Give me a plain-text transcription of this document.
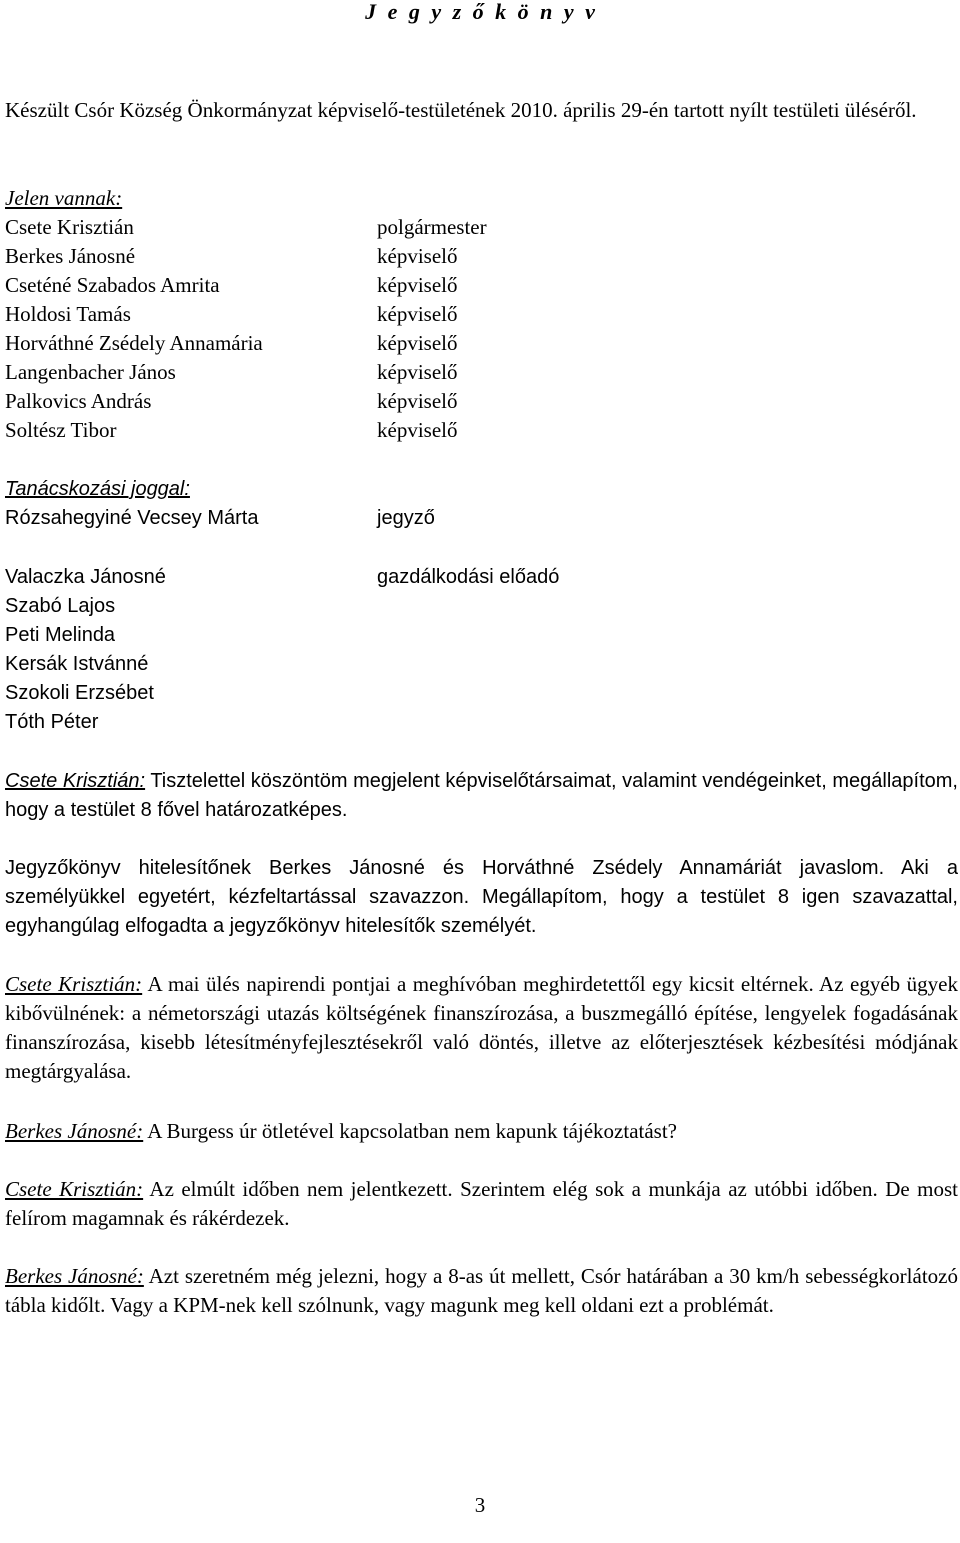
J e g y z ő k ö n y v

Készült Csór Község Önkormányzat képviselő-testületének 2010. április 29-én tartott nyílt testületi üléséről.

Jelen vannak:
Csete Krisztián	polgármester
Berkes Jánosné	képviselő
Cseténé Szabados Amrita	képviselő
Holdosi Tamás	képviselő
Horváthné Zsédely Annamária	képviselő
Langenbacher János	képviselő
Palkovics András	képviselő
Soltész Tibor	képviselő
Tanácskozási joggal:
Rózsahegyiné Vecsey Márta	jegyző
Valaczka Jánosné	gazdálkodási előadó
Szabó Lajos
Peti Melinda
Kersák Istvánné
Szokoli Erzsébet
Tóth Péter

Csete Krisztián: Tisztelettel köszöntöm megjelent képviselőtársaimat, valamint vendégeinket, megállapítom, hogy a testület 8 fővel határozatképes.

Jegyzőkönyv hitelesítőnek Berkes Jánosné és Horváthné Zsédely Annamáriát javaslom. Aki a személyükkel egyetért, kézfeltartással szavazzon. Megállapítom, hogy a testület 8 igen szavazattal, egyhangúlag elfogadta a jegyzőkönyv hitelesítők személyét.

Csete Krisztián: A mai ülés napirendi pontjai a meghívóban meghirdetettől egy kicsit eltérnek. Az egyéb ügyek kibővülnének: a németországi utazás költségének finanszírozása, a buszmegálló építése, lengyelek fogadásának finanszírozása, kisebb létesítményfejlesztésekről való döntés, illetve az előterjesztések kézbesítési módjának megtárgyalása.

Berkes Jánosné: A Burgess úr ötletével kapcsolatban nem kapunk tájékoztatást?

Csete Krisztián: Az elmúlt időben nem jelentkezett. Szerintem elég sok a munkája az utóbbi időben. De most felírom magamnak és rákérdezek.

Berkes Jánosné: Azt szeretném még jelezni, hogy a 8-as út mellett, Csór határában a 30 km/h sebességkorlátozó tábla kidőlt. Vagy a KPM-nek kell szólnunk, vagy magunk meg kell oldani ezt a problémát.

3
